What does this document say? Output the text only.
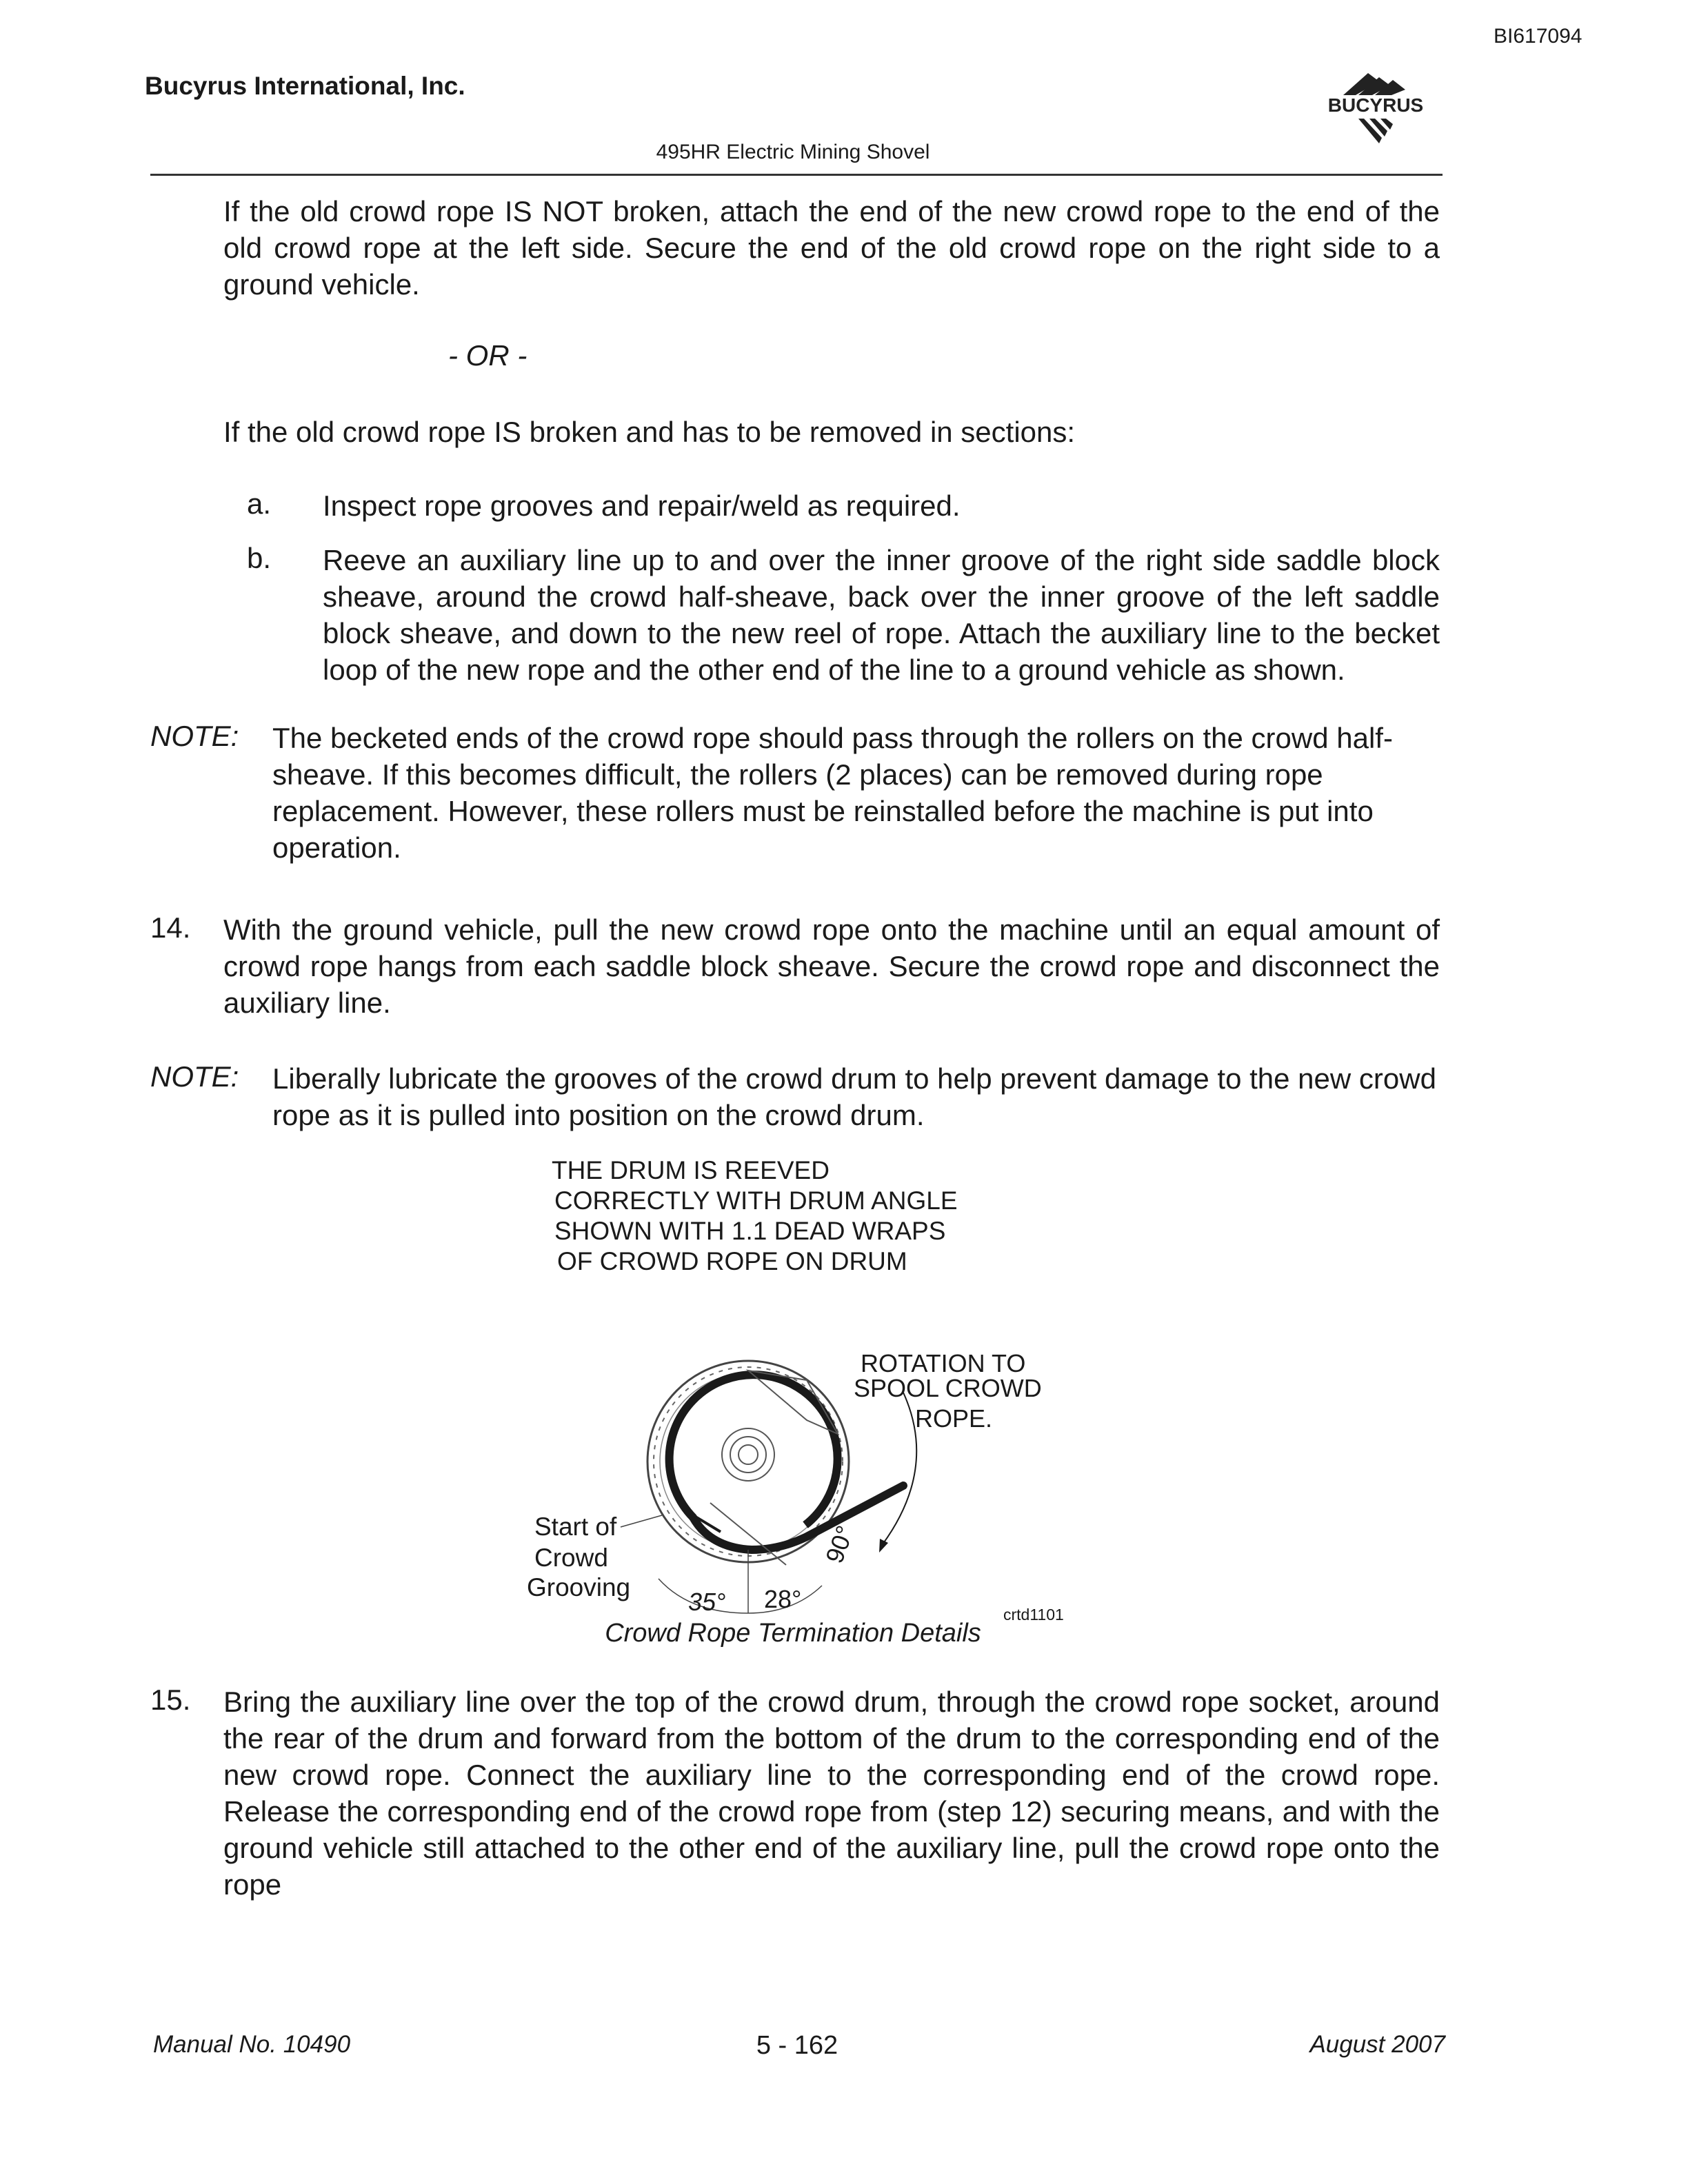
BI617094
Bucyrus International, Inc.
BUCYRUS
495HR Electric Mining Shovel
If the old crowd rope IS NOT broken, attach the end of the new crowd rope to the end of the old crowd rope at the left side. Secure the end of the old crowd rope on the right side to a ground vehicle.
- OR -
If the old crowd rope IS broken and has to be removed in sections:
a. Inspect rope grooves and repair/weld as required.
b. Reeve an auxiliary line up to and over the inner groove of the right side saddle block sheave, around the crowd half-sheave, back over the inner groove of the left saddle block sheave, and down to the new reel of rope. Attach the auxiliary line to the becket loop of the new rope and the other end of the line to a ground vehicle as shown.
NOTE: The becketed ends of the crowd rope should pass through the rollers on the crowd half-sheave. If this becomes difficult, the rollers (2 places) can be removed during rope replacement. However, these rollers must be reinstalled before the machine is put into operation.
14. With the ground vehicle, pull the new crowd rope onto the machine until an equal amount of crowd rope hangs from each saddle block sheave. Secure the crowd rope and disconnect the auxiliary line.
NOTE: Liberally lubricate the grooves of the crowd drum to help prevent damage to the new crowd rope as it is pulled into position on the crowd drum.
THE DRUM IS REEVED
CORRECTLY WITH DRUM ANGLE
SHOWN WITH 1.1 DEAD WRAPS
OF CROWD ROPE ON DRUM
ROTATION TO
SPOOL CROWD
ROPE.
Start of
Crowd
Grooving
35° 28°
90°
crtd1101
Crowd Rope Termination Details
15. Bring the auxiliary line over the top of the crowd drum, through the crowd rope socket, around the rear of the drum and forward from the bottom of the drum to the corresponding end of the new crowd rope. Connect the auxiliary line to the corresponding end of the crowd rope. Release the corresponding end of the crowd rope from (step 12) securing means, and with the ground vehicle still attached to the other end of the auxiliary line, pull the crowd rope onto the rope
Manual No. 10490	5 - 162	August 2007
